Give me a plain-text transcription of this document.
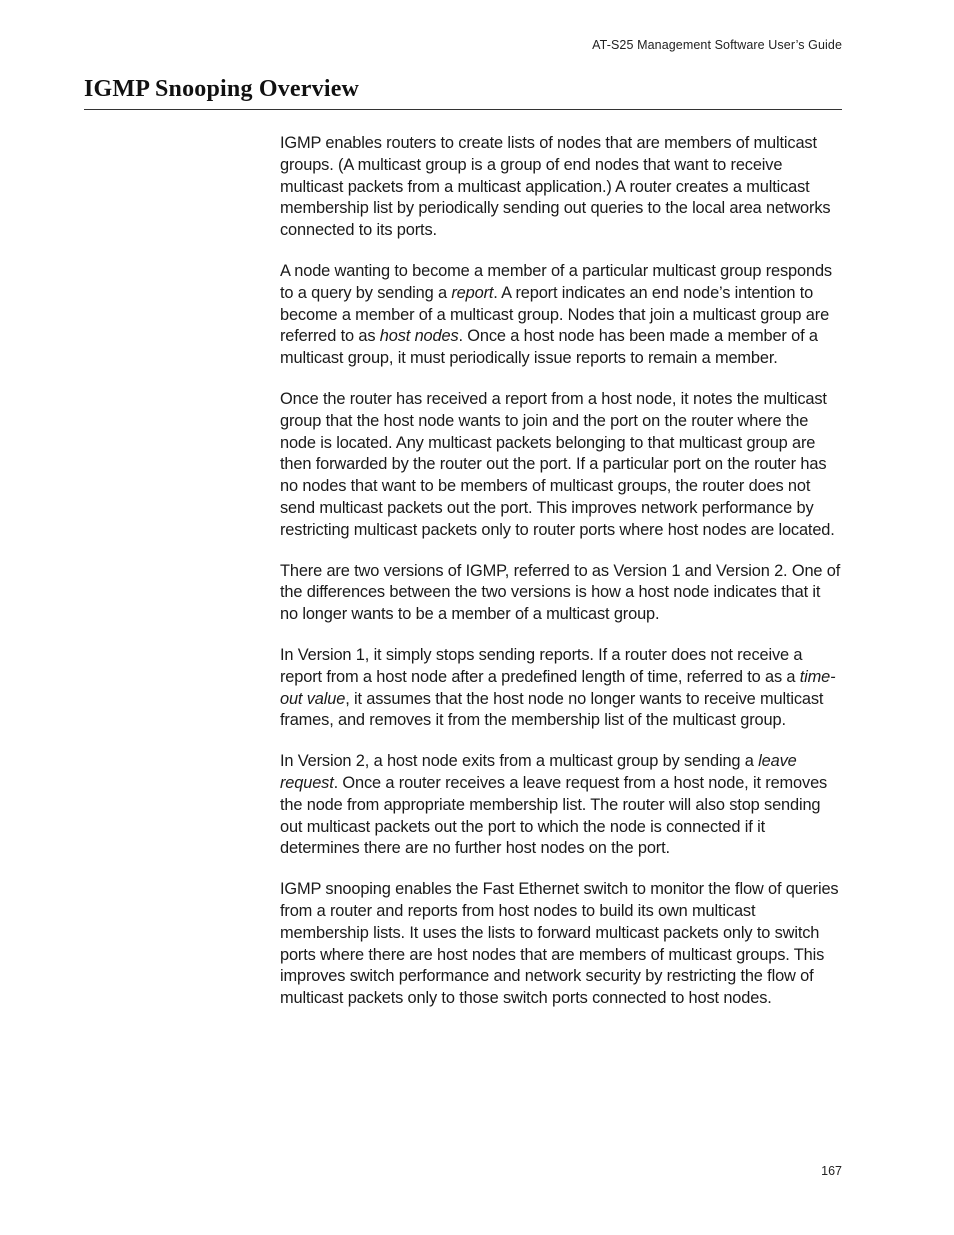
AT-S25 Management Software User’s Guide
IGMP Snooping Overview

IGMP enables routers to create lists of nodes that are members of multicast groups. (A multicast group is a group of end nodes that want to receive multicast packets from a multicast application.) A router creates a multicast membership list by periodically sending out queries to the local area networks connected to its ports.

A node wanting to become a member of a particular multicast group responds to a query by sending a report. A report indicates an end node’s intention to become a member of a multicast group. Nodes that join a multicast group are referred to as host nodes. Once a host node has been made a member of a multicast group, it must periodically issue reports to remain a member.

Once the router has received a report from a host node, it notes the multicast group that the host node wants to join and the port on the router where the node is located. Any multicast packets belonging to that multicast group are then forwarded by the router out the port. If a particular port on the router has no nodes that want to be members of multicast groups, the router does not send multicast packets out the port. This improves network performance by restricting multicast packets only to router ports where host nodes are located.

There are two versions of IGMP, referred to as Version 1 and Version 2. One of the differences between the two versions is how a host node indicates that it no longer wants to be a member of a multicast group.

In Version 1, it simply stops sending reports. If a router does not receive a report from a host node after a predefined length of time, referred to as a time-out value, it assumes that the host node no longer wants to receive multicast frames, and removes it from the membership list of the multicast group.

In Version 2, a host node exits from a multicast group by sending a leave request. Once a router receives a leave request from a host node, it removes the node from appropriate membership list. The router will also stop sending out multicast packets out the port to which the node is connected if it determines there are no further host nodes on the port.

IGMP snooping enables the Fast Ethernet switch to monitor the flow of queries from a router and reports from host nodes to build its own multicast membership lists. It uses the lists to forward multicast packets only to switch ports where there are host nodes that are members of multicast groups. This improves switch performance and network security by restricting the flow of multicast packets only to those switch ports connected to host nodes.

167
